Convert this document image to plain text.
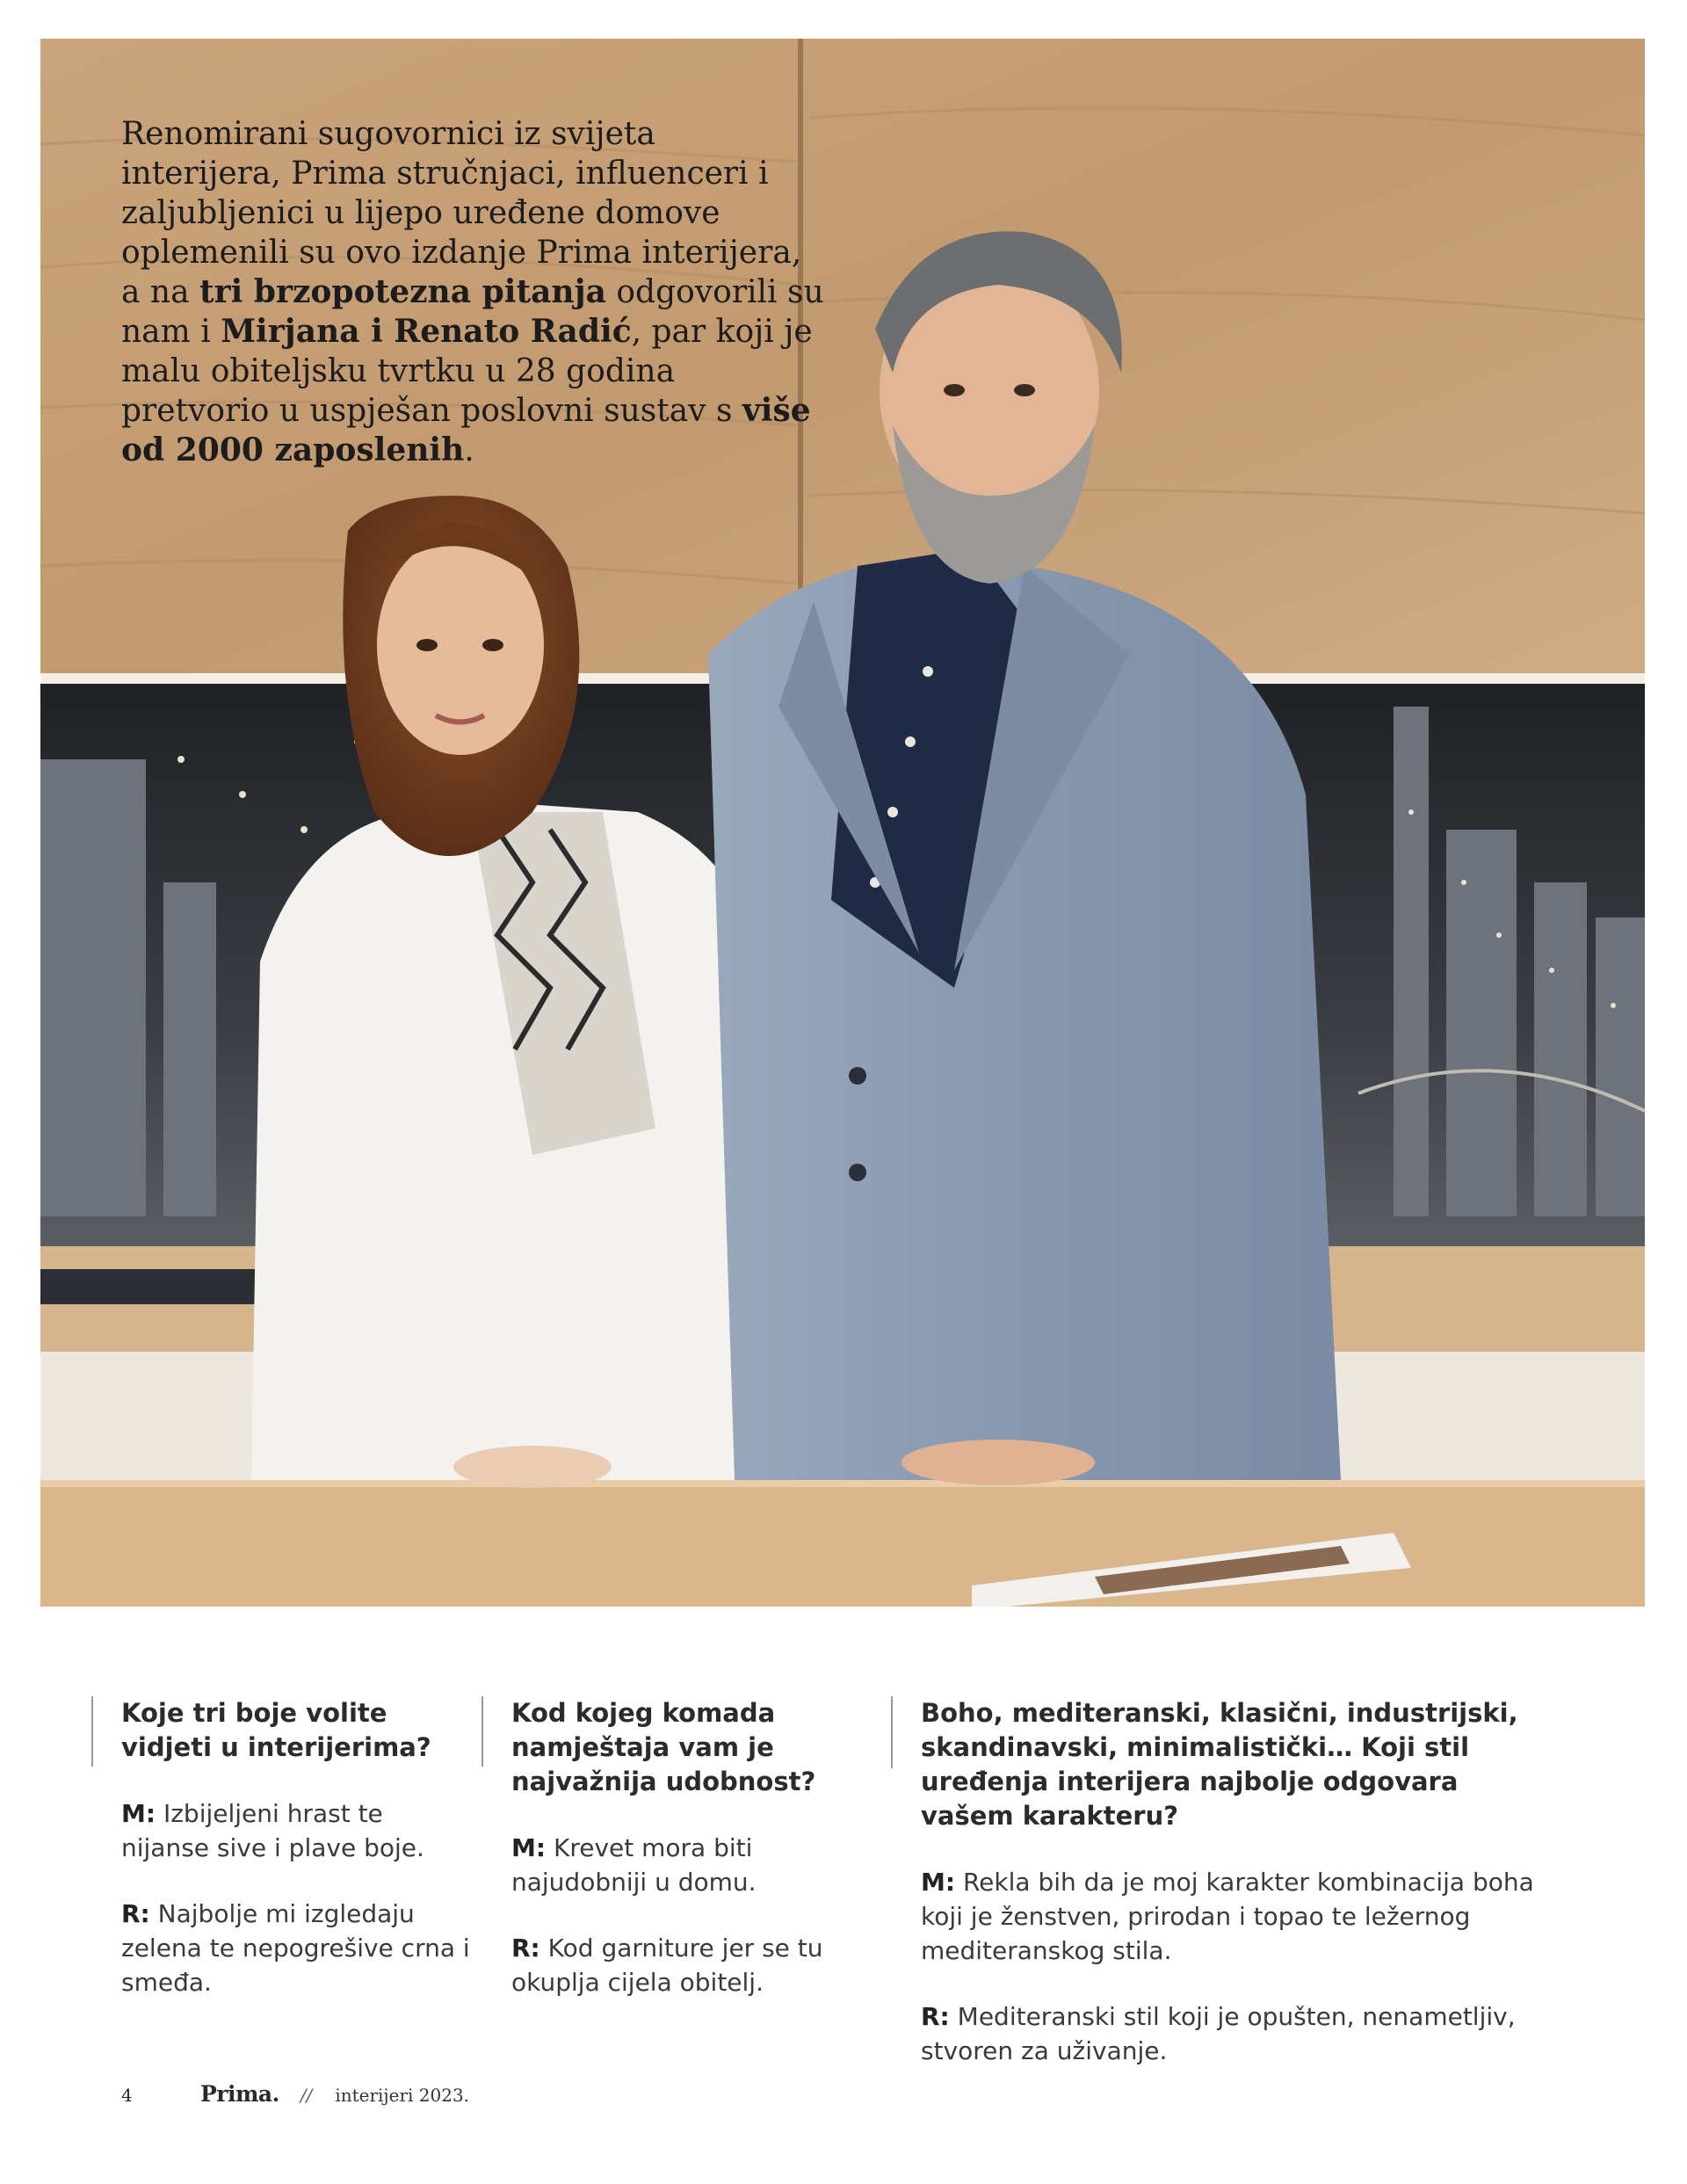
Renomirani sugovornici iz svijeta interijera, Prima stručnjaci, influenceri i zaljubljenici u lijepo uređene domove oplemenili su ovo izdanje Prima interijera, a na tri brzopotezna pitanja odgovorili su nam i Mirjana i Renato Radić, par koji je malu obiteljsku tvrtku u 28 godina pretvorio u uspješan poslovni sustav s više od 2000 zaposlenih.

Koje tri boje volite vidjeti u interijerima?

M: Izbijeljeni hrast te nijanse sive i plave boje.

R: Najbolje mi izgledaju zelena te nepogrešive crna i smeđa.

Kod kojeg komada namještaja vam je najvažnija udobnost?

M: Krevet mora biti najudobniji u domu.

R: Kod garniture jer se tu okuplja cijela obitelj.

Boho, mediteranski, klasični, industrijski, skandinavski, minimalistički… Koji stil uređenja interijera najbolje odgovara vašem karakteru?

M: Rekla bih da je moj karakter kombinacija boha koji je ženstven, prirodan i topao te ležernog mediteranskog stila.

R: Mediteranski stil koji je opušten, nenametljiv, stvoren za uživanje.

4	Prima. // interijeri 2023.
